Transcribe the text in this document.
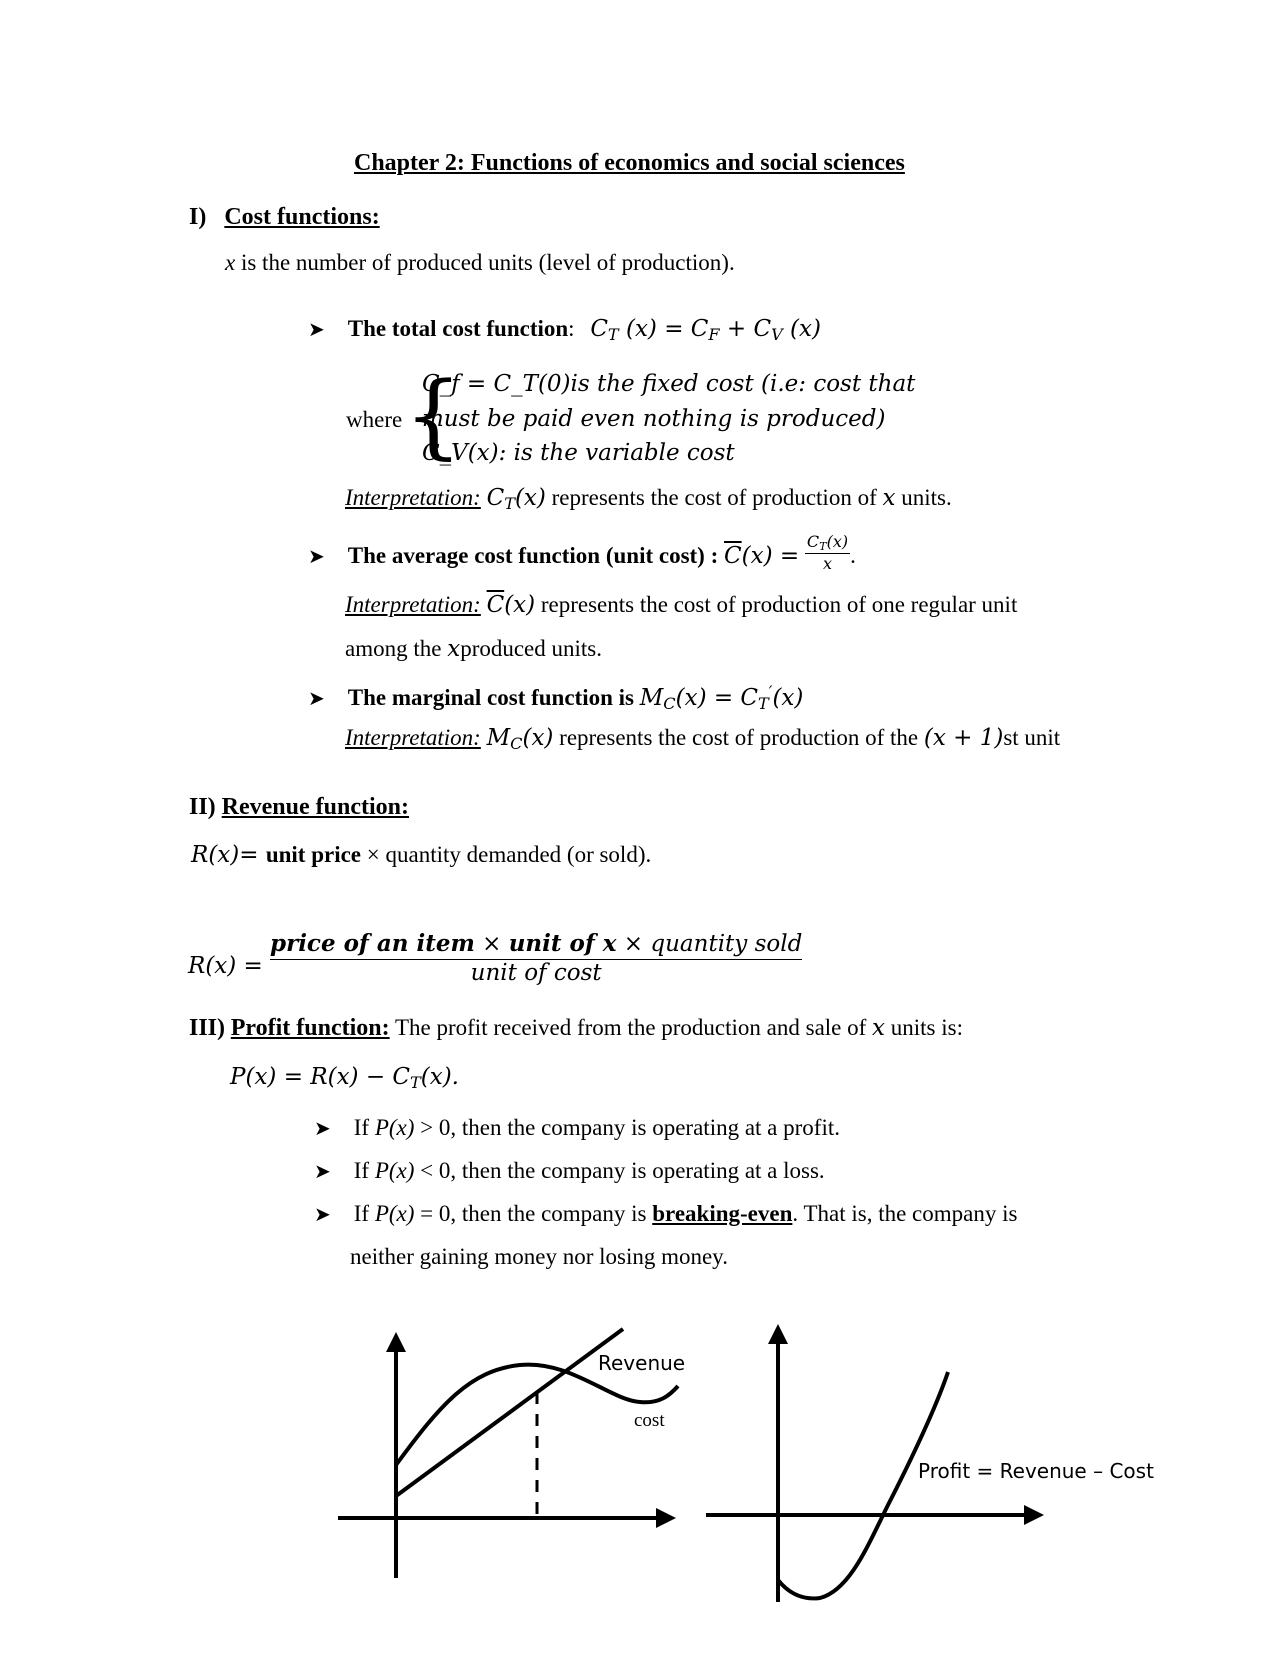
Chapter 2: Functions of economics and social sciences
I) Cost functions:
x is the number of produced units (level of production).
➤ The total cost function: $C_T$ $(x) = C_F + C_V$ (x)
where {
C_f = C_T(0)is the fixed cost (i.e: cost that
must be paid even nothing is produced)
C_V(x): is the variable cost
Interpretation: $C_T(x)$ represents the cost of production of x units.
➤ The average cost function (unit cost) : $\overline{C}(x) = \frac{C_T(x)}{x}$ .
Interpretation: $\overline{C}(x)$ represents the cost of production of one regular unit
among the xproduced units.
➤ The marginal cost function is $M_C(x) = C_T'(x)$
Interpretation: $M_C(x)$ represents the cost of production of the (x + 1)st unit
II) Revenue function:
R(x)= unit price × quantity demanded (or sold).
R(x) =
price of an item × unit of x × quantity sold
unit of cost
III) Profit function: The profit received from the production and sale of x units is:
$P(x) = R(x) - C_T(x)$.
➤ If P(x) > 0, then the company is operating at a profit.
➤ If P(x) < 0, then the company is operating at a loss.
➤ If P(x) = 0, then the company is breaking-even. That is, the company is
neither gaining money nor losing money.
Revenue
cost
Profit = Revenue – Cost
